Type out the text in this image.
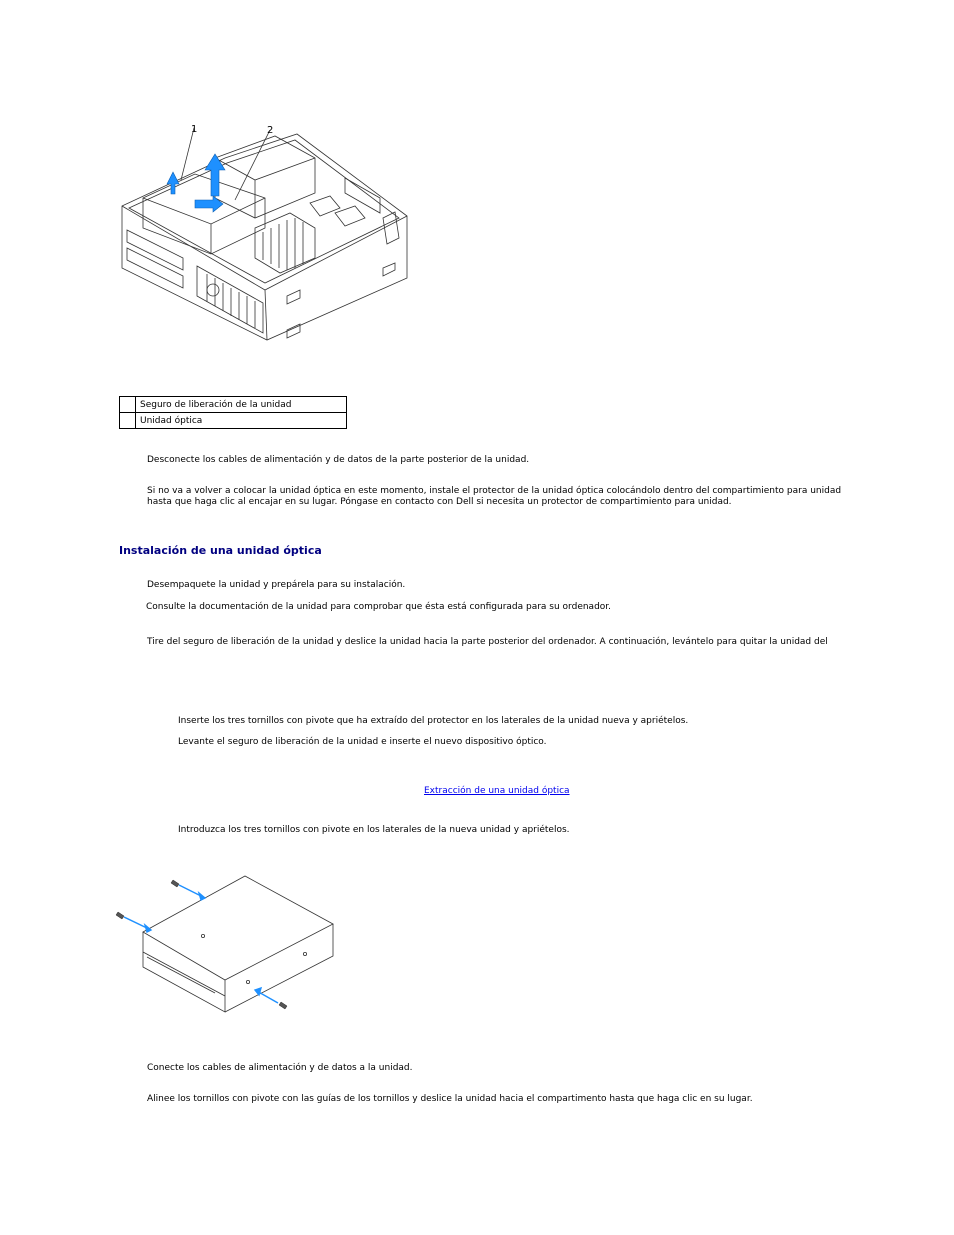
1	2
	Seguro de liberación de la unidad
	Unidad óptica
Desconecte los cables de alimentación y de datos de la parte posterior de la unidad.
Si no va a volver a colocar la unidad óptica en este momento, instale el protector de la unidad óptica colocándolo dentro del compartimiento para unidad
hasta que haga clic al encajar en su lugar. Póngase en contacto con Dell si necesita un protector de compartimiento para unidad.
Instalación de una unidad óptica
Desempaquete la unidad y prepárela para su instalación.
Consulte la documentación de la unidad para comprobar que ésta está configurada para su ordenador.
Tire del seguro de liberación de la unidad y deslice la unidad hacia la parte posterior del ordenador. A continuación, levántelo para quitar la unidad del
Inserte los tres tornillos con pivote que ha extraído del protector en los laterales de la unidad nueva y apriételos.
Levante el seguro de liberación de la unidad e inserte el nuevo dispositivo óptico.
Extracción de una unidad óptica
Introduzca los tres tornillos con pivote en los laterales de la nueva unidad y apriételos.
Conecte los cables de alimentación y de datos a la unidad.
Alinee los tornillos con pivote con las guías de los tornillos y deslice la unidad hacia el compartimento hasta que haga clic en su lugar.
